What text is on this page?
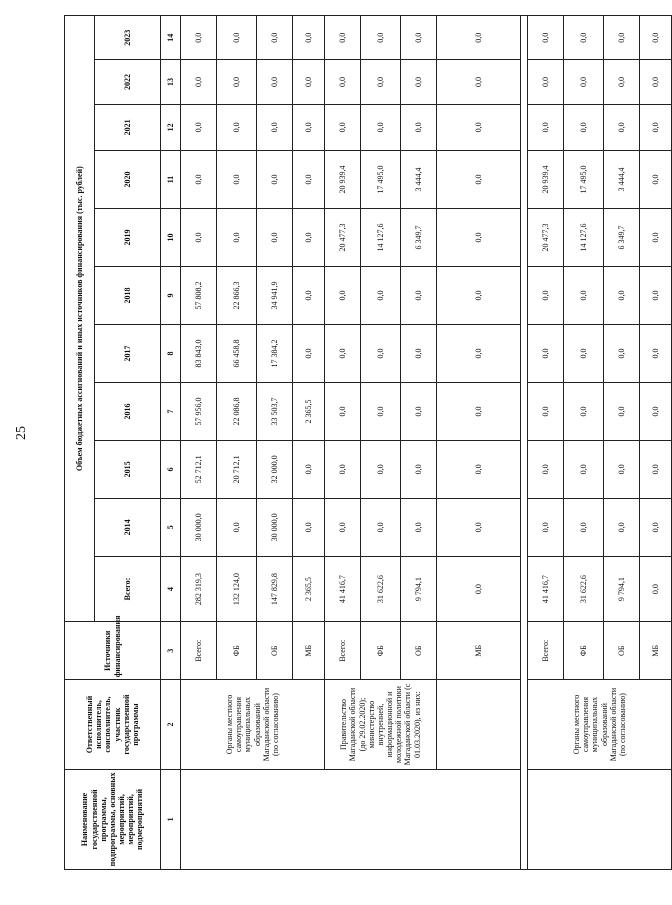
25
Наименование государственной программы, подпрограммы, основных мероприятий, мероприятий, подмероприятий	Ответственный исполнитель, соисполнитель, участник государственной программы	Источники финансирования	Объем бюджетных ассигнований и иных источников финансирования (тыс. рублей)										
			Всего:	2014	2015	2016	2017	2018	2019	2020	2021	2022	2023
1	2	3	4	5	6	7	8	9	10	11	12	13	14
	Органы местного самоуправления муниципальных образований Магаданской области (по согласованию)	Всего:	282 319,3	30 000,0	52 712,1	57 956,0	83 843,0	57 808,2	0,0	0,0	0,0	0,0	0,0
		ФБ	132 124,0	0,0	20 712,1	22 086,8	66 458,8	22 866,3	0,0	0,0	0,0	0,0	0,0
		ОБ	147 829,8	30 000,0	32 000,0	33 503,7	17 384,2	34 941,9	0,0	0,0	0,0	0,0	0,0
		МБ	2 365,5	0,0	0,0	2 365,5	0,0	0,0	0,0	0,0	0,0	0,0	0,0
	Правительство Магаданской области (до 29.02.2020); министерство внутренней, информационной и молодежной политики Магаданской области (с 01.03.2020), из них:	Всего:	41 416,7	0,0	0,0	0,0	0,0	0,0	20 477,3	20 939,4	0,0	0,0	0,0
		ФБ	31 622,6	0,0	0,0	0,0	0,0	0,0	14 127,6	17 495,0	0,0	0,0	0,0
		ОБ	9 794,1	0,0	0,0	0,0	0,0	0,0	6 349,7	3 444,4	0,0	0,0	0,0
		МБ	0,0	0,0	0,0	0,0	0,0	0,0	0,0	0,0	0,0	0,0	0,0

	Органы местного самоуправления муниципальных образований Магаданской области (по согласованию)	Всего:	41 416,7	0,0	0,0	0,0	0,0	0,0	20 477,3	20 939,4	0,0	0,0	0,0
		ФБ	31 622,6	0,0	0,0	0,0	0,0	0,0	14 127,6	17 495,0	0,0	0,0	0,0
		ОБ	9 794,1	0,0	0,0	0,0	0,0	0,0	6 349,7	3 444,4	0,0	0,0	0,0
		МБ	0,0	0,0	0,0	0,0	0,0	0,0	0,0	0,0	0,0	0,0	0,0
